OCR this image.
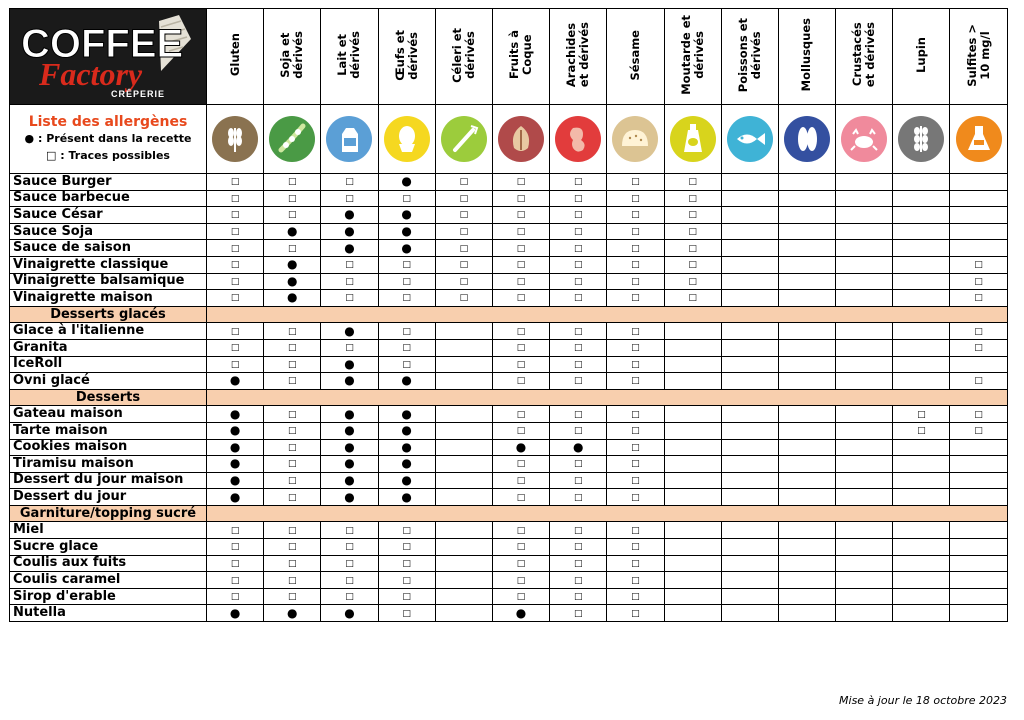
COFFEE
Factory
CRÊPERIE	Gluten	Soja et
dérivés	Lait et
dérivés	Œufs et
dérivés	Céleri et
dérivés	Fruits à
Coque	Arachides
et dérivés	Sésame	Moutarde et
dérivés	Poissons et
dérivés	Mollusques	Crustacés
et dérivés	Lupin	Sulfites >
10 mg/l

Liste des allergènes
● : Présent dans la recette
□ : Traces possibles

Sauce Burger	□	□	□	●	□	□	□	□	□					
Sauce barbecue	□	□	□	□	□	□	□	□	□					
Sauce César	□	□	●	●	□	□	□	□	□					
Sauce Soja	□	●	●	●	□	□	□	□	□					
Sauce de saison	□	□	●	●	□	□	□	□	□					
Vinaigrette classique	□	●	□	□	□	□	□	□	□					□
Vinaigrette balsamique	□	●	□	□	□	□	□	□	□					□
Vinaigrette maison	□	●	□	□	□	□	□	□	□					□
Desserts glacés														
Glace à l'italienne	□	□	●	□		□	□	□						□
Granita	□	□	□	□		□	□	□						□
IceRoll	□	□	●	□		□	□	□						
Ovni glacé	●	□	●	●		□	□	□						□
Desserts														
Gateau maison	●	□	●	●		□	□	□					□	□
Tarte maison	●	□	●	●		□	□	□					□	□
Cookies maison	●	□	●	●		●	●	□						
Tiramisu maison	●	□	●	●		□	□	□						
Dessert du jour maison	●	□	●	●		□	□	□						
Dessert du jour	●	□	●	●		□	□	□						
Garniture/topping sucré														
Miel	□	□	□	□		□	□	□						
Sucre glace	□	□	□	□		□	□	□						
Coulis aux fuits	□	□	□	□		□	□	□						
Coulis caramel	□	□	□	□		□	□	□						
Sirop d'erable	□	□	□	□		□	□	□						
Nutella	●	●	●	□		●	□	□						
Mise à jour le 18 octobre 2023
